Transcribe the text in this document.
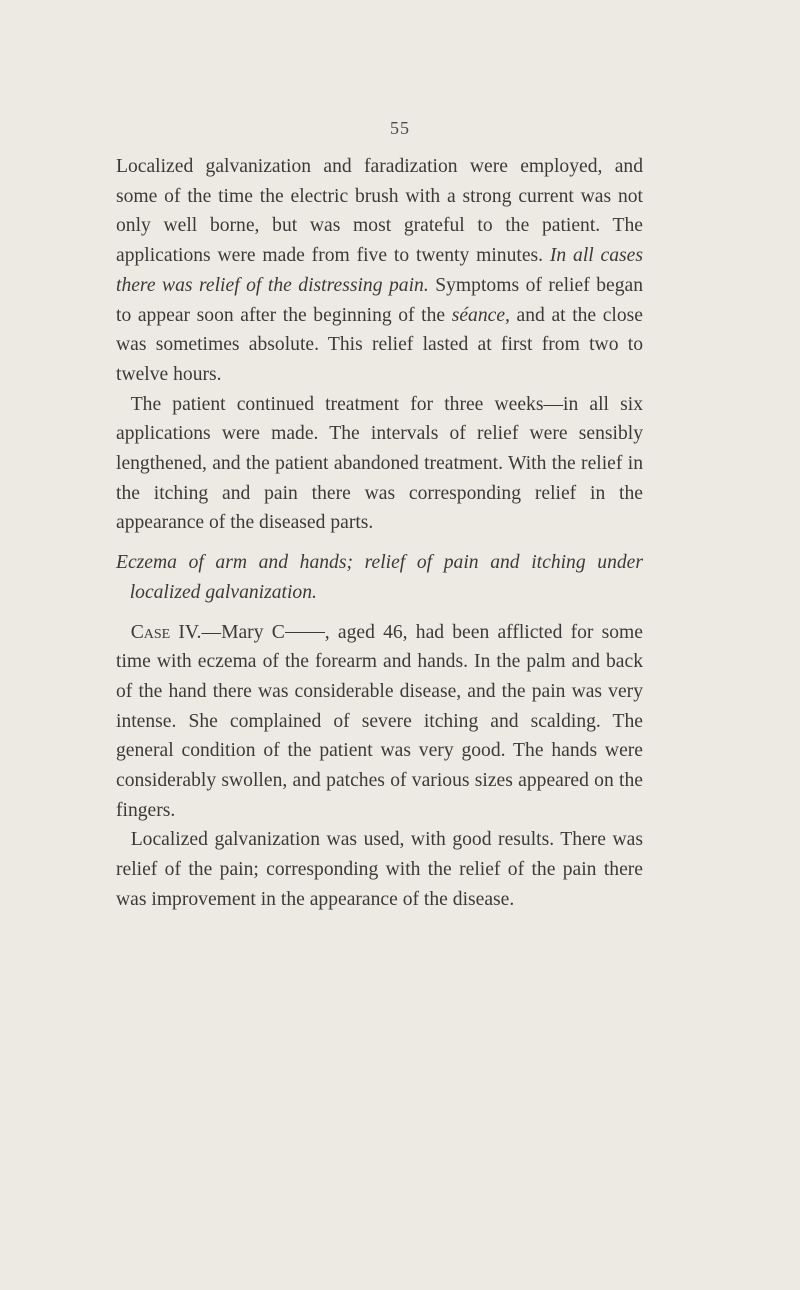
55

Localized galvanization and faradization were employed, and some of the time the electric brush with a strong current was not only well borne, but was most grateful to the patient. The applications were made from five to twenty minutes. In all cases there was relief of the distressing pain. Symptoms of relief began to appear soon after the beginning of the séance, and at the close was sometimes absolute. This relief lasted at first from two to twelve hours.

The patient continued treatment for three weeks—in all six applications were made. The intervals of relief were sensibly lengthened, and the patient abandoned treatment. With the relief in the itching and pain there was corresponding relief in the appearance of the diseased parts.

Eczema of arm and hands; relief of pain and itching under localized galvanization.

Case IV.—Mary C , aged 46, had been afflicted for some time with eczema of the forearm and hands. In the palm and back of the hand there was considerable disease, and the pain was very intense. She complained of severe itching and scalding. The general condition of the patient was very good. The hands were considerably swollen, and patches of various sizes appeared on the fingers.

Localized galvanization was used, with good results. There was relief of the pain; corresponding with the relief of the pain there was improvement in the appearance of the disease.
